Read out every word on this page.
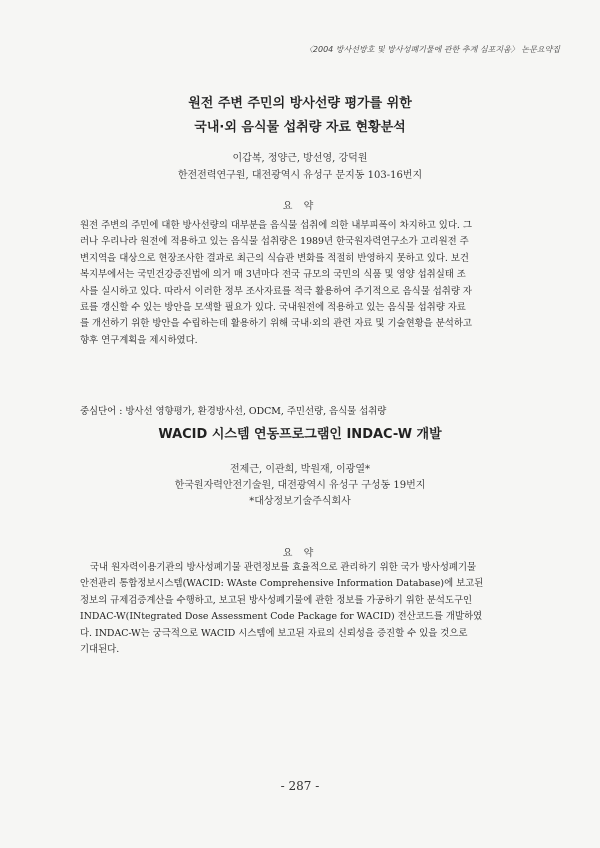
〈2004 방사선방호 및 방사성폐기물에 관한 추계 심포지움〉 논문요약집
원전 주변 주민의 방사선량 평가를 위한
국내·외 음식물 섭취량 자료 현황분석
이갑복, 정양근, 방선영, 강덕원
한전전력연구원, 대전광역시 유성구 문지동 103-16번지
요 약
원전 주변의 주민에 대한 방사선량의 대부분을 음식물 섭취에 의한 내부피폭이 차지하고 있다. 그
러나 우리나라 원전에 적용하고 있는 음식물 섭취량은 1989년 한국원자력연구소가 고리원전 주
변지역을 대상으로 현장조사한 결과로 최근의 식습관 변화를 적절히 반영하지 못하고 있다. 보건
복지부에서는 국민건강증진법에 의거 매 3년마다 전국 규모의 국민의 식품 및 영양 섭취실태 조
사를 실시하고 있다. 따라서 이러한 정부 조사자료를 적극 활용하여 주기적으로 음식물 섭취량 자
료를 갱신할 수 있는 방안을 모색할 필요가 있다. 국내원전에 적용하고 있는 음식물 섭취량 자료
를 개선하기 위한 방안을 수립하는데 활용하기 위해 국내·외의 관련 자료 및 기술현황을 분석하고
향후 연구계획을 제시하였다.
중심단어 : 방사선 영향평가, 환경방사선, ODCM, 주민선량, 음식물 섭취량
WACID 시스템 연동프로그램인 INDAC-W 개발
전제근, 이관희, 박원재, 이광열*
한국원자력안전기술원, 대전광역시 유성구 구성동 19번지
*대상정보기술주식회사
요 약
국내 원자력이용기관의 방사성폐기물 관련정보를 효율적으로 관리하기 위한 국가 방사성폐기물
안전관리 통합정보시스템(WACID: WAste Comprehensive Information Database)에 보고된
정보의 규제검증계산을 수행하고, 보고된 방사성폐기물에 관한 정보를 가공하기 위한 분석도구인
INDAC-W(INtegrated Dose Assessment Code Package for WACID) 전산코드를 개발하였
다. INDAC-W는 궁극적으로 WACID 시스템에 보고된 자료의 신뢰성을 증진할 수 있을 것으로
기대된다.
- 287 -
